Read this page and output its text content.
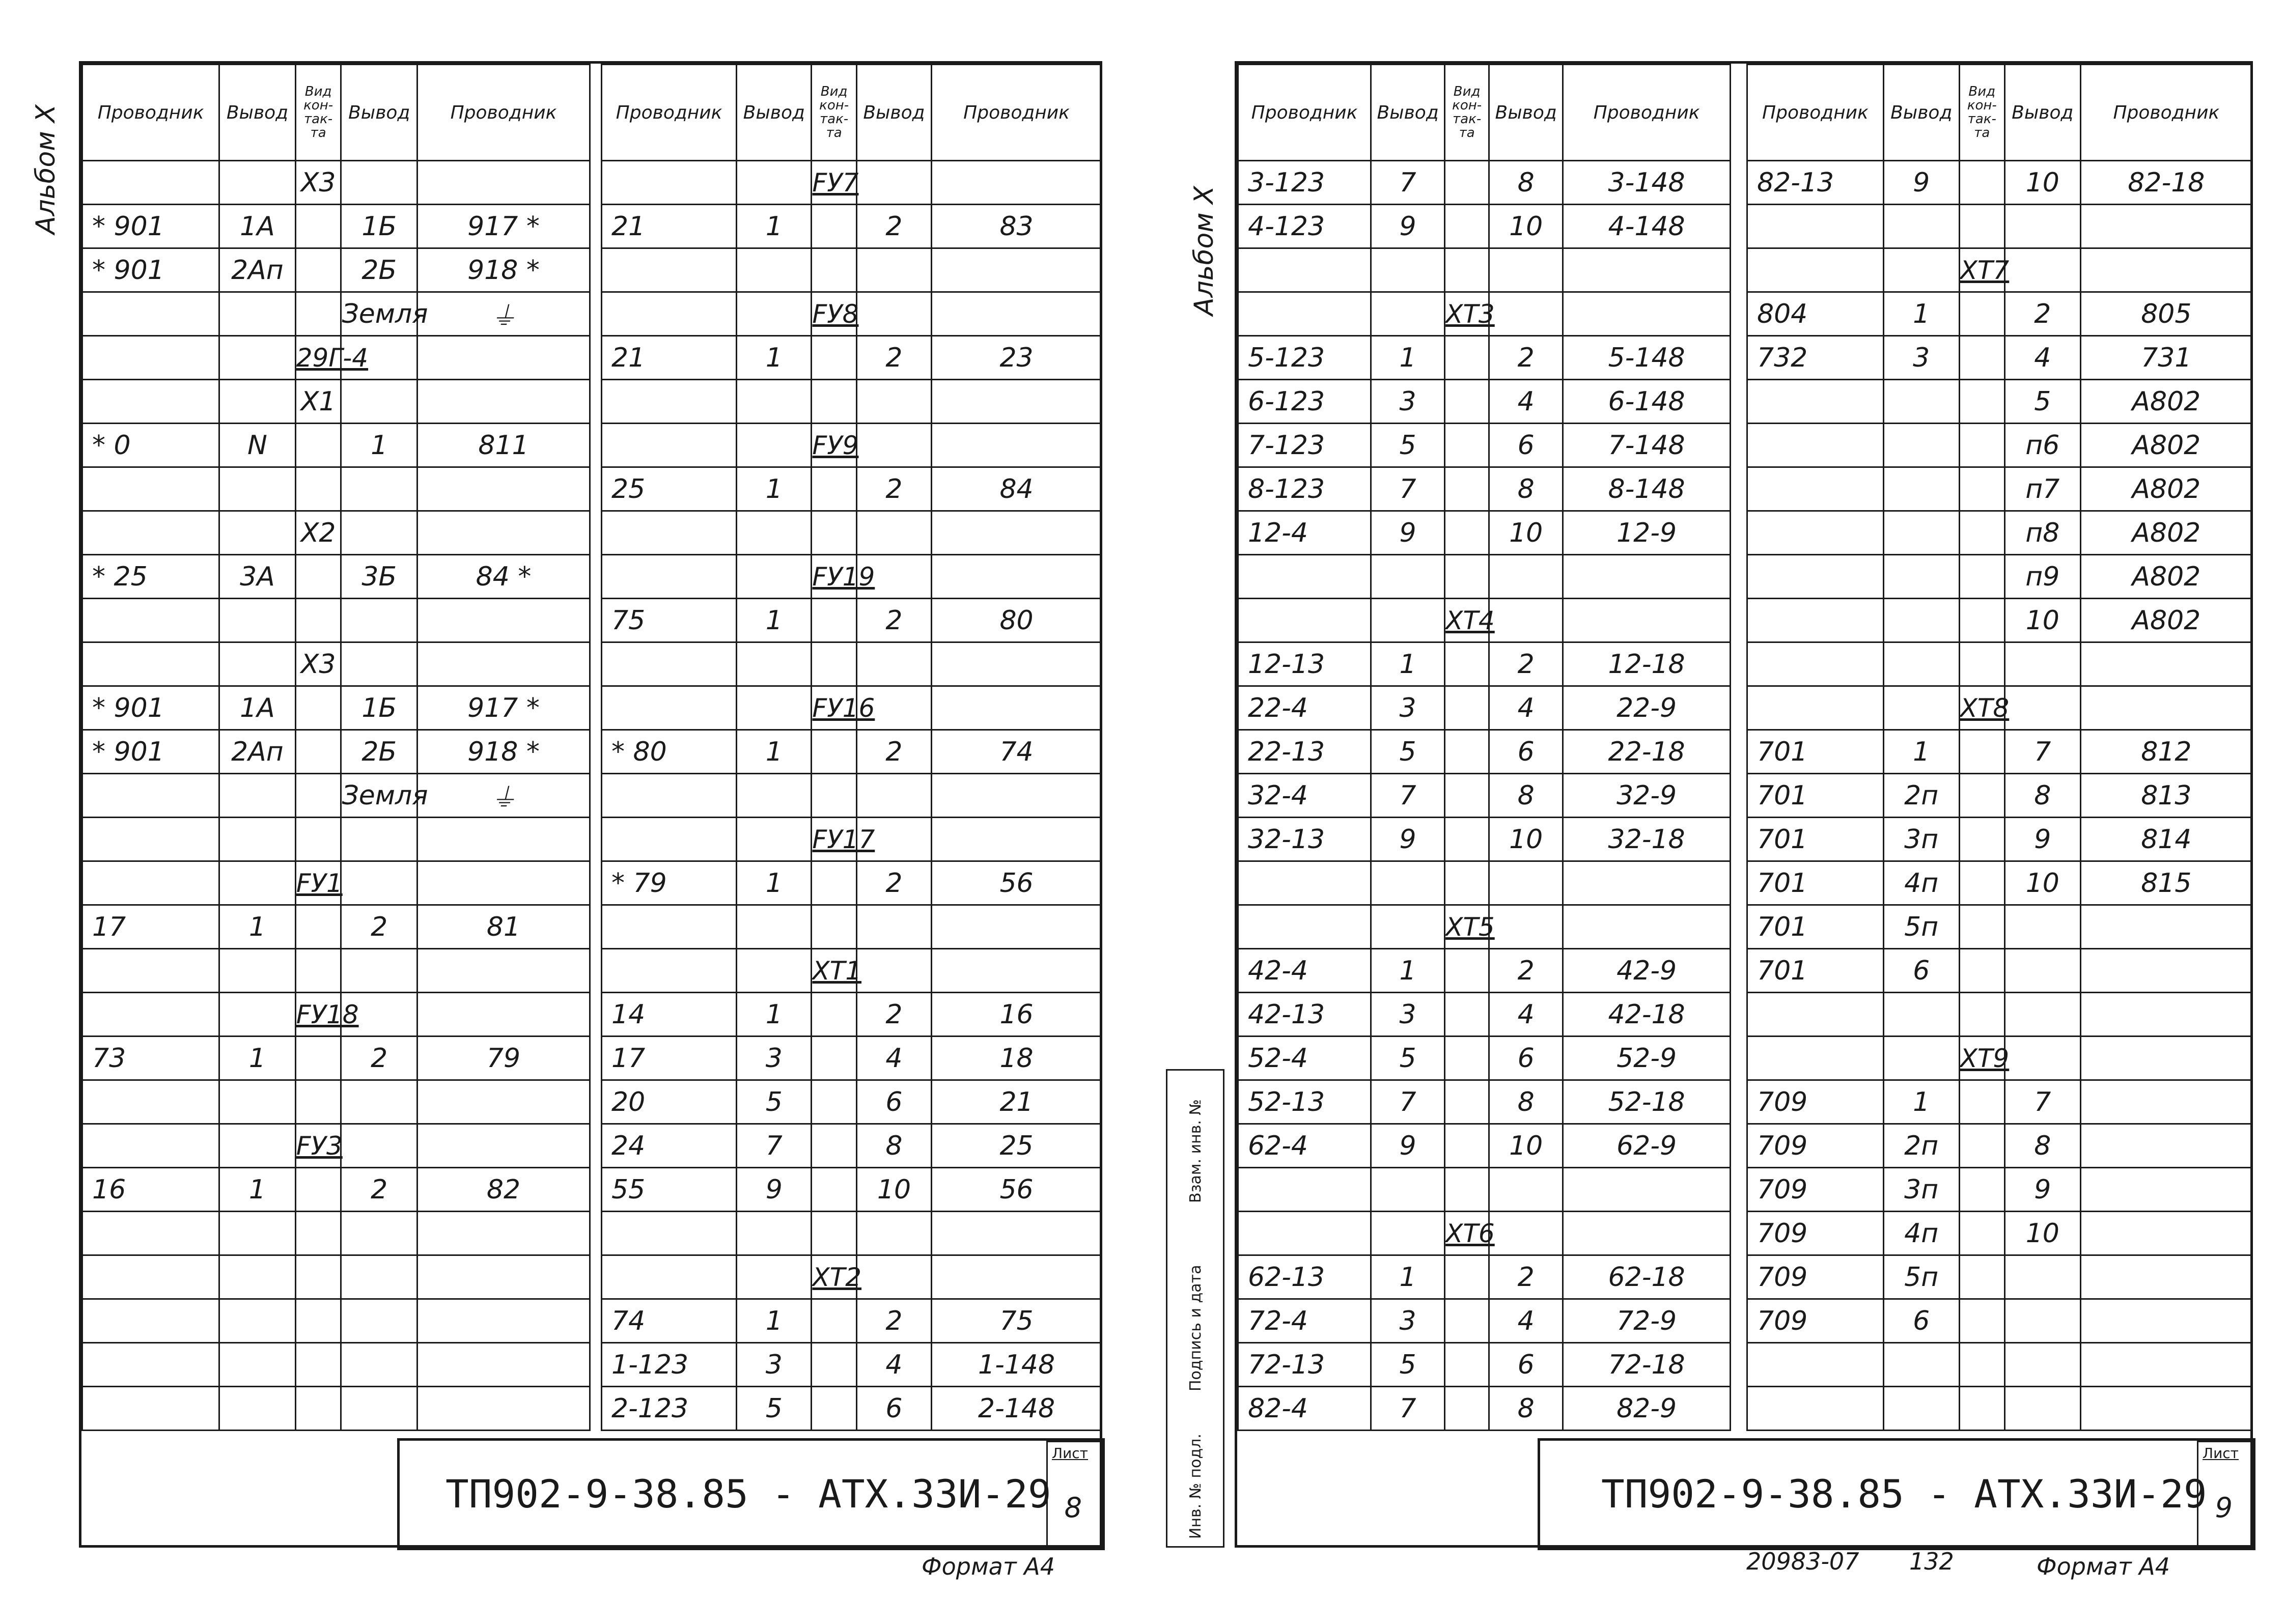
Проводник	Вывод	Вид кон-так-та	Вывод	Проводник
		Х3		
* 901	1А		1Б	917 *
* 901	2Ап		2Б	918 *
			Земля	⏚
		29Г-4		
		Х1		
* 0	N		1	811

		Х2		
* 25	3А		3Б	84 *

		Х3		
* 901	1А		1Б	917 *
* 901	2Ап		2Б	918 *
			Земля	⏚

		FУ1		
17	1		2	81

		FУ18		
73	1		2	79

		FУ3		
16	1		2	82

Проводник	Вывод	Вид кон-так-та	Вывод	Проводник
		FУ7		
21	1		2	83

		FУ8		
21	1		2	23

		FУ9		
25	1		2	84

		FУ19		
75	1		2	80

		FУ16		
* 80	1		2	74

		FУ17		
* 79	1		2	56

		ХТ1		
14	1		2	16
17	3		4	18
20	5		6	21
24	7		8	25
55	9		10	56

		ХТ2		
74	1		2	75
1-123	3		4	1-148
2-123	5		6	2-148
ТП902-9-38.85 - АТХ.33И-29
Лист
8
Проводник	Вывод	Вид кон-так-та	Вывод	Проводник
3-123	7		8	3-148
4-123	9		10	4-148

		ХТ3		
5-123	1		2	5-148
6-123	3		4	6-148
7-123	5		6	7-148
8-123	7		8	8-148
12-4	9		10	12-9

		ХТ4		
12-13	1		2	12-18
22-4	3		4	22-9
22-13	5		6	22-18
32-4	7		8	32-9
32-13	9		10	32-18

		ХТ5		
42-4	1		2	42-9
42-13	3		4	42-18
52-4	5		6	52-9
52-13	7		8	52-18
62-4	9		10	62-9

		ХТ6		
62-13	1		2	62-18
72-4	3		4	72-9
72-13	5		6	72-18
82-4	7		8	82-9
Проводник	Вывод	Вид кон-так-та	Вывод	Проводник
82-13	9		10	82-18

		ХТ7		
804	1		2	805
732	3		4	731
			5	А802
			п6	А802
			п7	А802
			п8	А802
			п9	А802
			10	А802

		ХТ8		
701	1		7	812
701	2п		8	813
701	3п		9	814
701	4п		10	815
701	5п			
701	6			

		ХТ9		
709	1		7	
709	2п		8	
709	3п		9	
709	4п		10	
709	5п			
709	6			

ТП902-9-38.85 - АТХ.33И-29
Лист
9
Альбом X
Альбом X
Инв. № подл.
Подпись и дата
Взам. инв. №
Формат А4	20983-07 132	Формат А4
